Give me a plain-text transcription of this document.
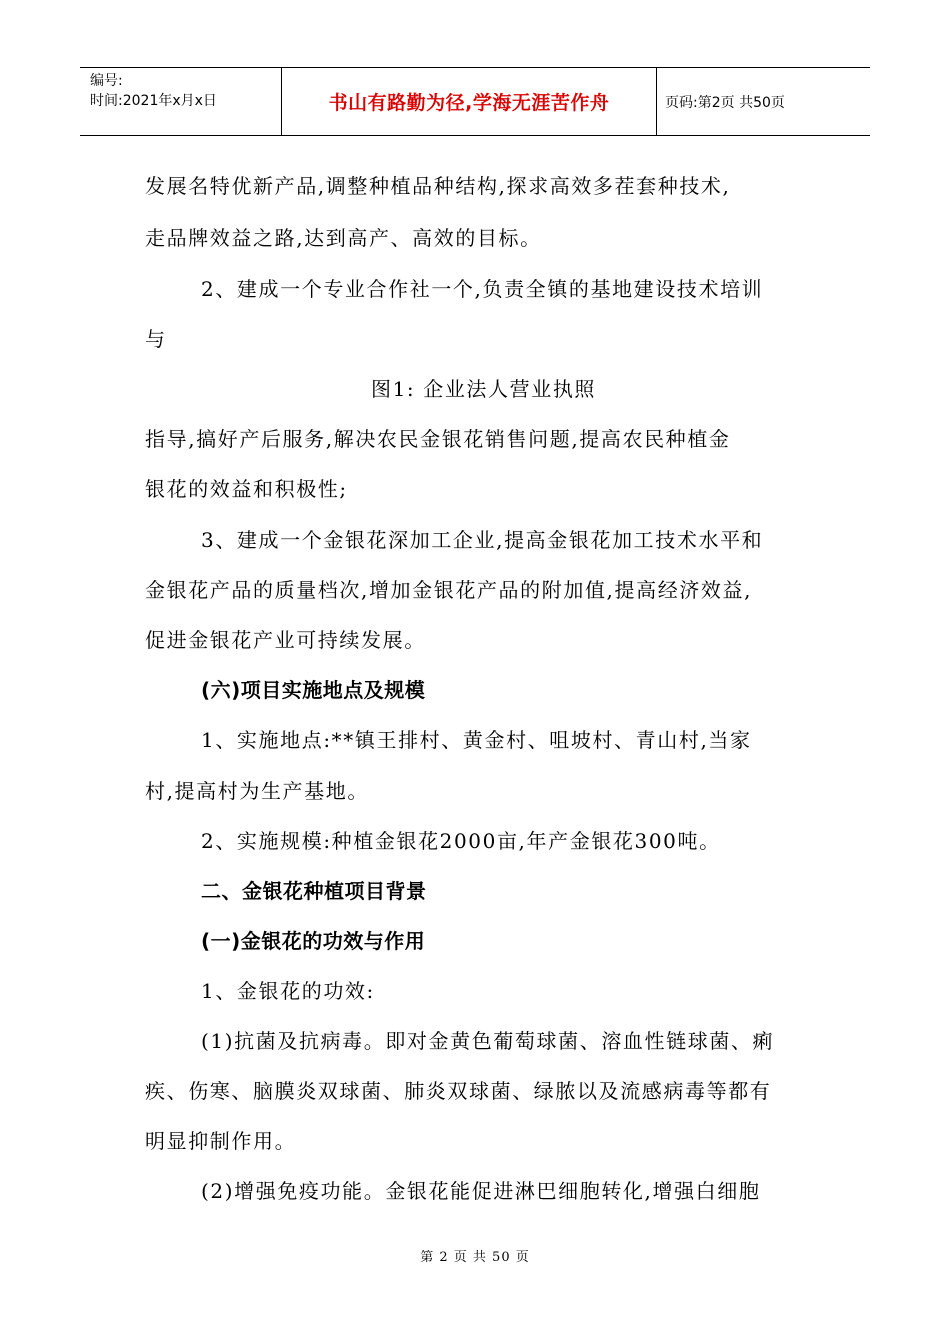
编号:
时间:2021年x月x日	书山有路勤为径,学海无涯苦作舟	页码:第2页 共50页
发展名特优新产品,调整种植品种结构,探求高效多茬套种技术,
走品牌效益之路,达到高产、高效的目标。
2、建成一个专业合作社一个,负责全镇的基地建设技术培训
与
图1: 企业法人营业执照
指导,搞好产后服务,解决农民金银花销售问题,提高农民种植金
银花的效益和积极性;
3、建成一个金银花深加工企业,提高金银花加工技术水平和
金银花产品的质量档次,增加金银花产品的附加值,提高经济效益,
促进金银花产业可持续发展。
(六)项目实施地点及规模
1、实施地点:**镇王排村、黄金村、咀坡村、青山村,当家
村,提高村为生产基地。
2、实施规模:种植金银花2000亩,年产金银花300吨。
二、金银花种植项目背景
(一)金银花的功效与作用
1、金银花的功效:
(1)抗菌及抗病毒。即对金黄色葡萄球菌、溶血性链球菌、痢
疾、伤寒、脑膜炎双球菌、肺炎双球菌、绿脓以及流感病毒等都有
明显抑制作用。
(2)增强免疫功能。金银花能促进淋巴细胞转化,增强白细胞
第 2 页 共 50 页
